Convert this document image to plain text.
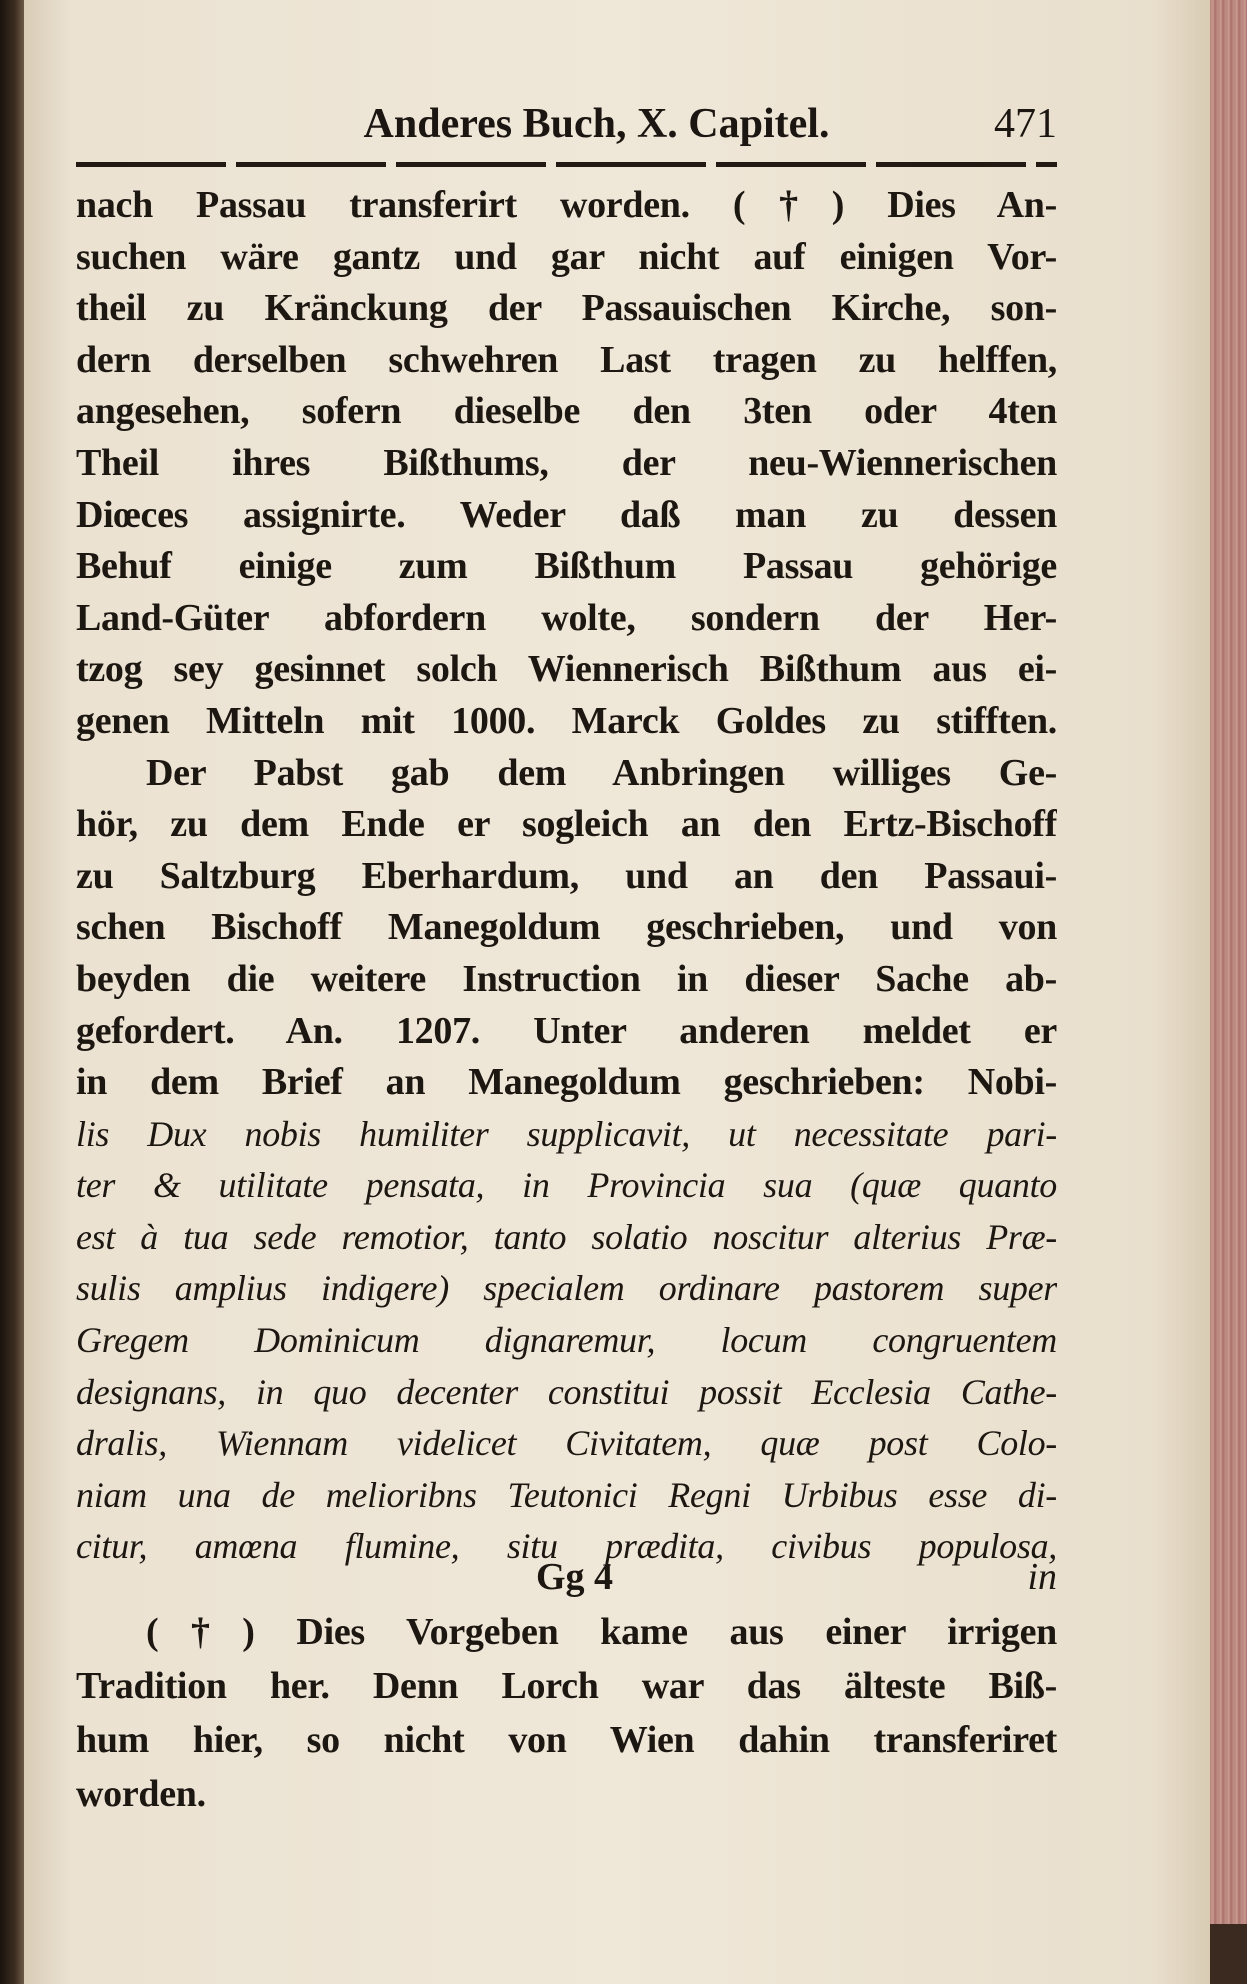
Anderes Buch, X. Capitel.	471
nach Passau transferirt worden. (†) Dies An-
suchen wäre gantz und gar nicht auf einigen Vor-
theil zu Kränckung der Passauischen Kirche, son-
dern derselben schwehren Last tragen zu helffen,
angesehen, sofern dieselbe den 3ten oder 4ten
Theil ihres Bißthums, der neu-Wiennerischen
Diœces assignirte. Weder daß man zu dessen
Behuf einige zum Bißthum Passau gehörige
Land-Güter abfordern wolte, sondern der Her-
tzog sey gesinnet solch Wiennerisch Bißthum aus ei-
genen Mitteln mit 1000. Marck Goldes zu stifften.
Der Pabst gab dem Anbringen williges Ge-
hör, zu dem Ende er sogleich an den Ertz-Bischoff
zu Saltzburg Eberhardum, und an den Passaui-
schen Bischoff Manegoldum geschrieben, und von
beyden die weitere Instruction in dieser Sache ab-
gefordert. An. 1207. Unter anderen meldet er
in dem Brief an Manegoldum geschrieben: Nobi-
lis Dux nobis humiliter supplicavit, ut necessitate pari-
ter & utilitate pensata, in Provincia sua (quæ quanto
est à tua sede remotior, tanto solatio noscitur alterius Præ-
sulis amplius indigere) specialem ordinare pastorem super
Gregem Dominicum dignaremur, locum congruentem
designans, in quo decenter constitui possit Ecclesia Cathe-
dralis, Wiennam videlicet Civitatem, quæ post Colo-
niam una de melioribns Teutonici Regni Urbibus esse di-
citur, amœna flumine, situ prædita, civibus populosa,
Gg 4	in
(†) Dies Vorgeben kame aus einer irrigen
Tradition her. Denn Lorch war das älteste Biß-
hum hier, so nicht von Wien dahin transferiret
worden.
